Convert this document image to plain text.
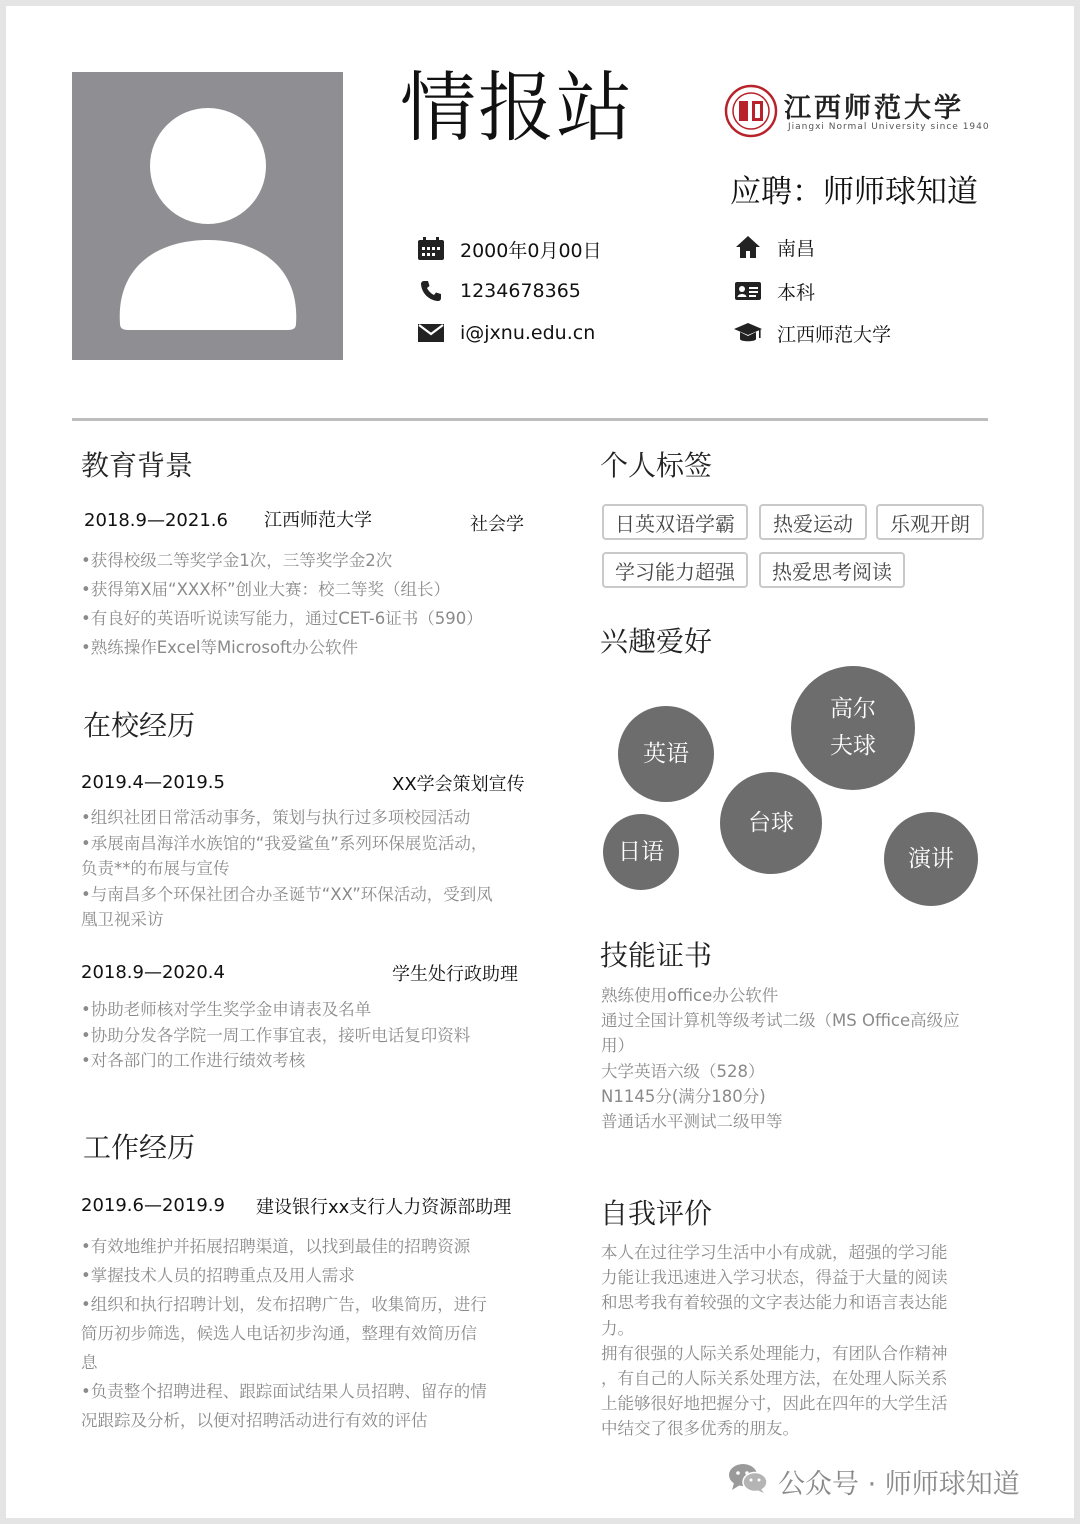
情报站	江西师范大学
Jiangxi Normal University since 1940
应聘：师师球知道
2000年0月00日
1234678365
i@jxnu.edu.cn
南昌
本科
江西师范大学
教育背景
2018.9—2021.6 江西师范大学	社会学

•获得校级二等奖学金1次，三等奖学金2次

•获得第X届“XXX杯”创业大赛：校二等奖（组长）

•有良好的英语听说读写能力，通过CET-6证书（590）

•熟练操作Excel等Microsoft办公软件

在校经历
2019.4—2019.5	XX学会策划宣传

•组织社团日常活动事务，策划与执行过多项校园活动

•承展南昌海洋水族馆的“我爱鲨鱼”系列环保展览活动，

负责**的布展与宣传

•与南昌多个环保社团合办圣诞节“XX”环保活动，受到凤

凰卫视采访

2018.9—2020.4	学生处行政助理

•协助老师核对学生奖学金申请表及名单

•协助分发各学院一周工作事宜表，接听电话复印资料

•对各部门的工作进行绩效考核

工作经历
2019.6—2019.9 建设银行xx支行人力资源部助理

•有效地维护并拓展招聘渠道，以找到最佳的招聘资源

•掌握技术人员的招聘重点及用人需求

•组织和执行招聘计划，发布招聘广告，收集简历，进行

简历初步筛选，候选人电话初步沟通，整理有效简历信

息

•负责整个招聘进程、跟踪面试结果人员招聘、留存的情

况跟踪及分析，以便对招聘活动进行有效的评估

个人标签
日英双语学霸	热爱运动	乐观开朗
学习能力超强	热爱思考阅读
兴趣爱好
英语
高尔
夫球
台球
日语	演讲
技能证书

熟练使用office办公软件

通过全国计算机等级考试二级（MS Office高级应

用）

大学英语六级（528）

N1145分(满分180分)

普通话水平测试二级甲等

自我评价

本人在过往学习生活中小有成就，超强的学习能

力能让我迅速进入学习状态，得益于大量的阅读

和思考我有着较强的文字表达能力和语言表达能

力。

拥有很强的人际关系处理能力，有团队合作精神

，有自己的人际关系处理方法，在处理人际关系

上能够很好地把握分寸，因此在四年的大学生活

中结交了很多优秀的朋友。

公众号 · 师师球知道
